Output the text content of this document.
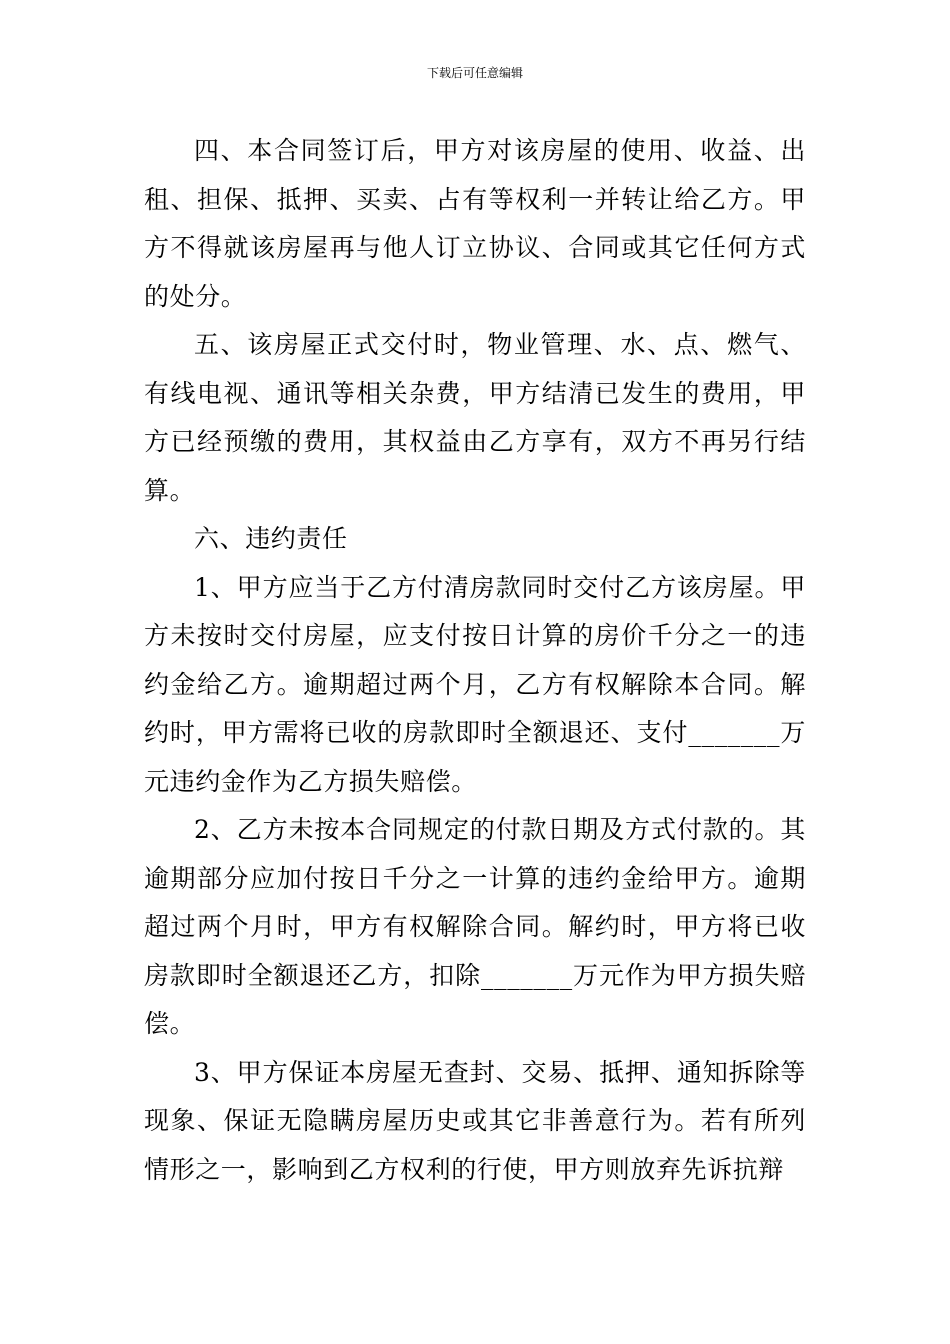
下载后可任意编辑

四、本合同签订后，甲方对该房屋的使用、收益、出租、担保、抵押、买卖、占有等权利一并转让给乙方。甲方不得就该房屋再与他人订立协议、合同或其它任何方式的处分。

五、该房屋正式交付时，物业管理、水、点、燃气、有线电视、通讯等相关杂费，甲方结清已发生的费用，甲方已经预缴的费用，其权益由乙方享有，双方不再另行结算。

六、违约责任

1、甲方应当于乙方付清房款同时交付乙方该房屋。甲方未按时交付房屋，应支付按日计算的房价千分之一的违约金给乙方。逾期超过两个月，乙方有权解除本合同。解约时，甲方需将已收的房款即时全额退还、支付_______万元违约金作为乙方损失赔偿。

2、乙方未按本合同规定的付款日期及方式付款的。其逾期部分应加付按日千分之一计算的违约金给甲方。逾期超过两个月时，甲方有权解除合同。解约时，甲方将已收房款即时全额退还乙方，扣除_______万元作为甲方损失赔偿。

3、甲方保证本房屋无查封、交易、抵押、通知拆除等现象、保证无隐瞒房屋历史或其它非善意行为。若有所列情形之一，影响到乙方权利的行使，甲方则放弃先诉抗辩
